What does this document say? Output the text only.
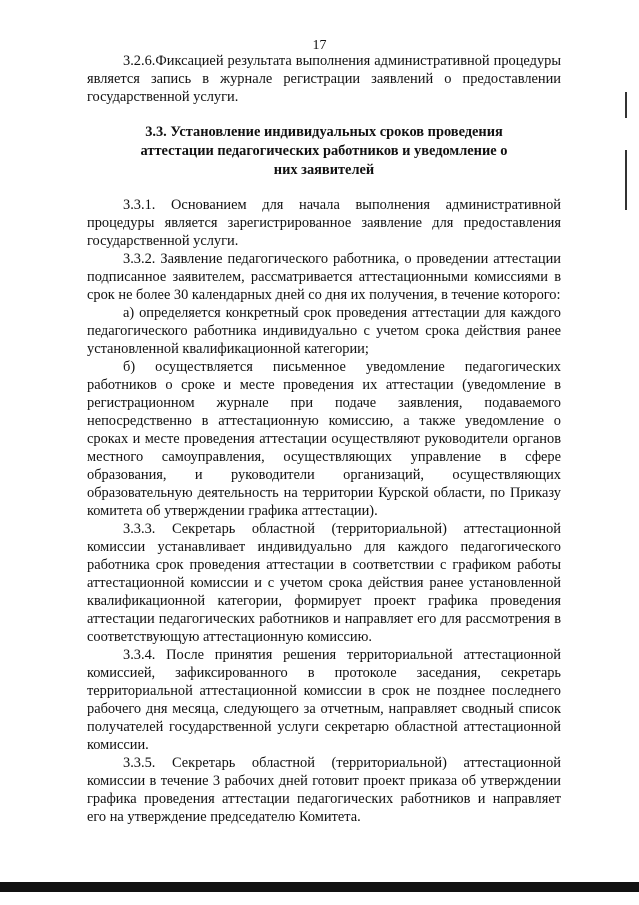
17

3.2.6.Фиксацией результата выполнения административной процедуры является запись в журнале регистрации заявлений о предоставлении государственной услуги.

3.3. Установление индивидуальных сроков проведения аттестации педагогических работников и уведомление о них заявителей

3.3.1. Основанием для начала выполнения административной процедуры является зарегистрированное заявление для предоставления государственной услуги.

3.3.2. Заявление педагогического работника, о проведении аттестации подписанное заявителем, рассматривается аттестационными комиссиями в срок не более 30 календарных дней со дня их получения, в течение которого:

а) определяется конкретный срок проведения аттестации для каждого педагогического работника индивидуально с учетом срока действия ранее установленной квалификационной категории;

б) осуществляется письменное уведомление педагогических работников о сроке и месте проведения их аттестации (уведомление в регистрационном журнале при подаче заявления, подаваемого непосредственно в аттестационную комиссию, а также уведомление о сроках и месте проведения аттестации осуществляют руководители органов местного самоуправления, осуществляющих управление в сфере образования, и руководители организаций, осуществляющих образовательную деятельность на территории Курской области, по Приказу комитета об утверждении графика аттестации).

3.3.3. Секретарь областной (территориальной) аттестационной комиссии устанавливает индивидуально для каждого педагогического работника срок проведения аттестации в соответствии с графиком работы аттестационной комиссии и с учетом срока действия ранее установленной квалификационной категории, формирует проект графика проведения аттестации педагогических работников и направляет его для рассмотрения в соответствующую аттестационную комиссию.

3.3.4. После принятия решения территориальной аттестационной комиссией, зафиксированного в протоколе заседания, секретарь территориальной аттестационной комиссии в срок не позднее последнего рабочего дня месяца, следующего за отчетным, направляет сводный список получателей государственной услуги секретарю областной аттестационной комиссии.

3.3.5. Секретарь областной (территориальной) аттестационной комиссии в течение 3 рабочих дней готовит проект приказа об утверждении графика проведения аттестации педагогических работников и направляет его на утверждение председателю Комитета.
